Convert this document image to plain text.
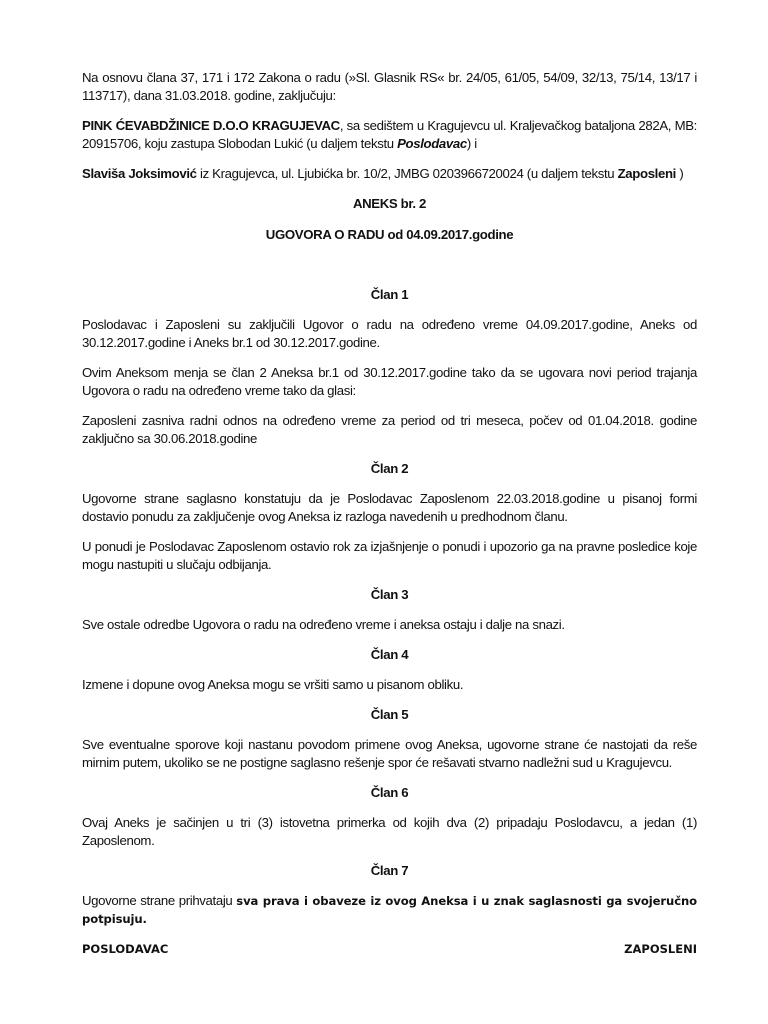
Na osnovu člana 37, 171 i 172 Zakona o radu (»Sl. Glasnik RS« br. 24/05, 61/05, 54/09, 32/13, 75/14, 13/17 i 113717), dana 31.03.2018. godine, zaključuju:

PINK ĆEVABDŽINICE D.O.O KRAGUJEVAC, sa sedištem u Kragujevcu ul. Kraljevačkog bataljona 282A, MB: 20915706, koju zastupa Slobodan Lukić (u daljem tekstu Poslodavac) i

Slaviša Joksimović iz Kragujevca, ul. Ljubićka br. 10/2, JMBG 0203966720024 (u daljem tekstu Zaposleni )

ANEKS br. 2
UGOVORA O RADU od 04.09.2017.godine
Član 1

Poslodavac i Zaposleni su zaključili Ugovor o radu na određeno vreme 04.09.2017.godine, Aneks od 30.12.2017.godine i Aneks br.1 od 30.12.2017.godine.

Ovim Aneksom menja se član 2 Aneksa br.1 od 30.12.2017.godine tako da se ugovara novi period trajanja Ugovora o radu na određeno vreme tako da glasi:

Zaposleni zasniva radni odnos na određeno vreme za period od tri meseca, počev od 01.04.2018. godine zaključno sa 30.06.2018.godine

Član 2

Ugovorne strane saglasno konstatuju da je Poslodavac Zaposlenom 22.03.2018.godine u pisanoj formi dostavio ponudu za zaključenje ovog Aneksa iz razloga navedenih u predhodnom članu.

U ponudi je Poslodavac Zaposlenom ostavio rok za izjašnjenje o ponudi i upozorio ga na pravne posledice koje mogu nastupiti u slučaju odbijanja.

Član 3

Sve ostale odredbe Ugovora o radu na određeno vreme i aneksa ostaju i dalje na snazi.

Član 4

Izmene i dopune ovog Aneksa mogu se vršiti samo u pisanom obliku.

Član 5

Sve eventualne sporove koji nastanu povodom primene ovog Aneksa, ugovorne strane će nastojati da reše mirnim putem, ukoliko se ne postigne saglasno rešenje spor će rešavati stvarno nadležni sud u Kragujevcu.

Član 6

Ovaj Aneks je sačinjen u tri (3) istovetna primerka od kojih dva (2) pripadaju Poslodavcu, a jedan (1) Zaposlenom.

Član 7

Ugovorne strane prihvataju sva prava i obaveze iz ovog Aneksa i u znak saglasnosti ga svojeručno potpisuju.

POSLODAVAC	ZAPOSLENI
